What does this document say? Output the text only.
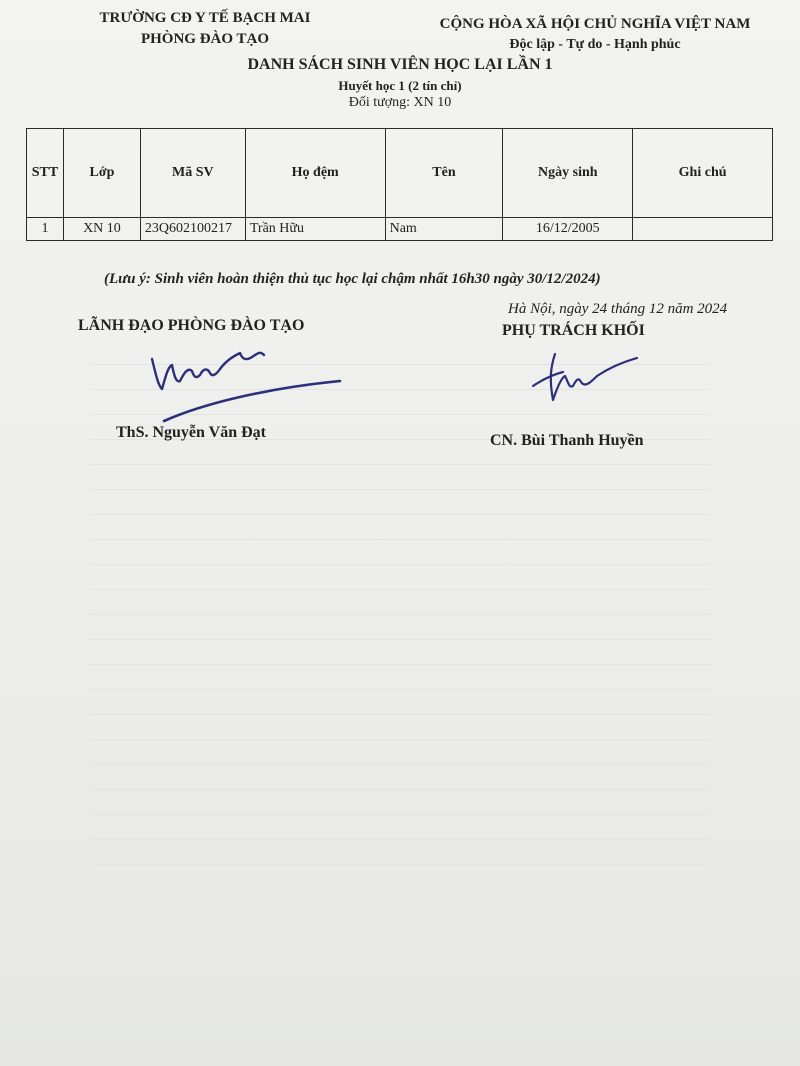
TRƯỜNG CĐ Y TẾ BẠCH MAI
PHÒNG ĐÀO TẠO
CỘNG HÒA XÃ HỘI CHỦ NGHĨA VIỆT NAM
Độc lập - Tự do - Hạnh phúc
DANH SÁCH SINH VIÊN HỌC LẠI LẦN 1
Huyết học 1 (2 tín chỉ)
Đối tượng: XN 10
STT	Lớp	Mã SV	Họ đệm	Tên	Ngày sinh	Ghi chú
1	XN 10	23Q602100217	Trần Hữu	Nam	16/12/2005	
(Lưu ý: Sinh viên hoàn thiện thủ tục học lại chậm nhất 16h30 ngày 30/12/2024)
Hà Nội, ngày 24 tháng 12 năm 2024
LÃNH ĐẠO PHÒNG ĐÀO TẠO
ThS. Nguyễn Văn Đạt
PHỤ TRÁCH KHỐI
CN. Bùi Thanh Huyền
